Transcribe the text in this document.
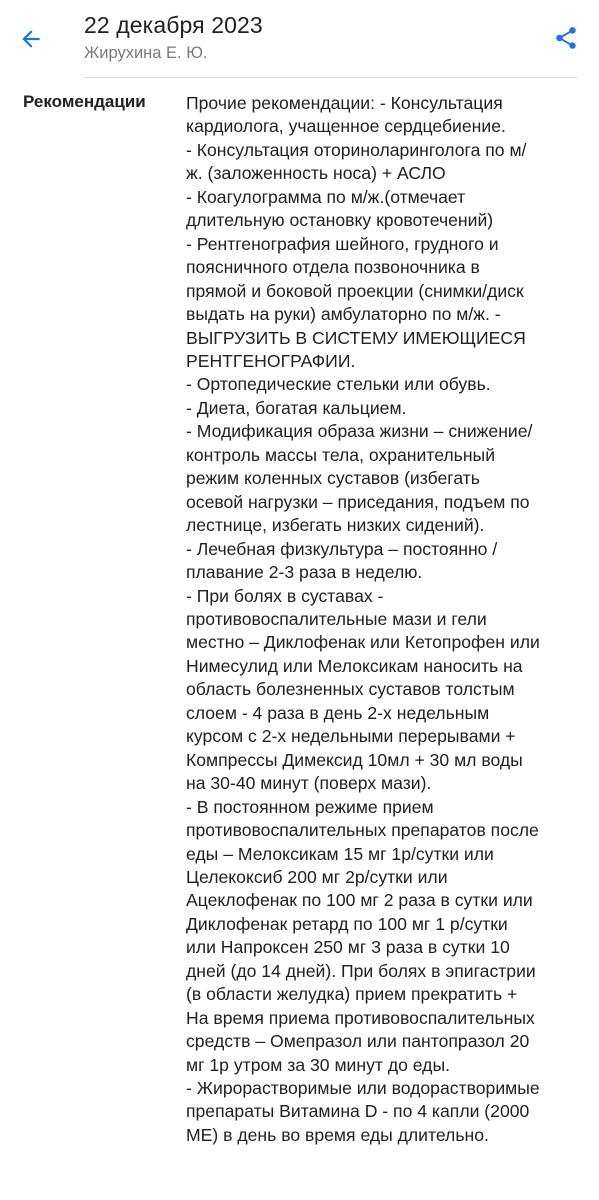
22 декабря 2023
Жирухина Е. Ю.
Рекомендации Прочие рекомендации: - Консультация
кардиолога, учащенное сердцебиение.
- Консультация оториноларинголога по м/
ж. (заложенность носа) + АСЛО
- Коагулограмма по м/ж.(отмечает
длительную остановку кровотечений)
- Рентгенография шейного, грудного и
поясничного отдела позвоночника в
прямой и боковой проекции (снимки/диск
выдать на руки) амбулаторно по м/ж. -
ВЫГРУЗИТЬ В СИСТЕМУ ИМЕЮЩИЕСЯ
РЕНТГЕНОГРАФИИ.
- Ортопедические стельки или обувь.
- Диета, богатая кальцием.
- Модификация образа жизни – снижение/
контроль массы тела, охранительный
режим коленных суставов (избегать
осевой нагрузки – приседания, подъем по
лестнице, избегать низких сидений).
- Лечебная физкультура – постоянно /
плавание 2-3 раза в неделю.
- При болях в суставах -
противовоспалительные мази и гели
местно – Диклофенак или Кетопрофен или
Нимесулид или Мелоксикам наносить на
область болезненных суставов толстым
слоем - 4 раза в день 2-х недельным
курсом с 2-х недельными перерывами +
Компрессы Димексид 10мл + 30 мл воды
на 30-40 минут (поверх мази).
- В постоянном режиме прием
противовоспалительных препаратов после
еды – Мелоксикам 15 мг 1р/сутки или
Целекоксиб 200 мг 2р/сутки или
Ацеклофенак по 100 мг 2 раза в сутки или
Диклофенак ретард по 100 мг 1 р/сутки
или Напроксен 250 мг 3 раза в сутки 10
дней (до 14 дней). При болях в эпигастрии
(в области желудка) прием прекратить +
На время приема противовоспалительных
средств – Омепразол или пантопразол 20
мг 1р утром за 30 минут до еды.
- Жирорастворимые или водорастворимые
препараты Витамина D - по 4 капли (2000
МЕ) в день во время еды длительно.
